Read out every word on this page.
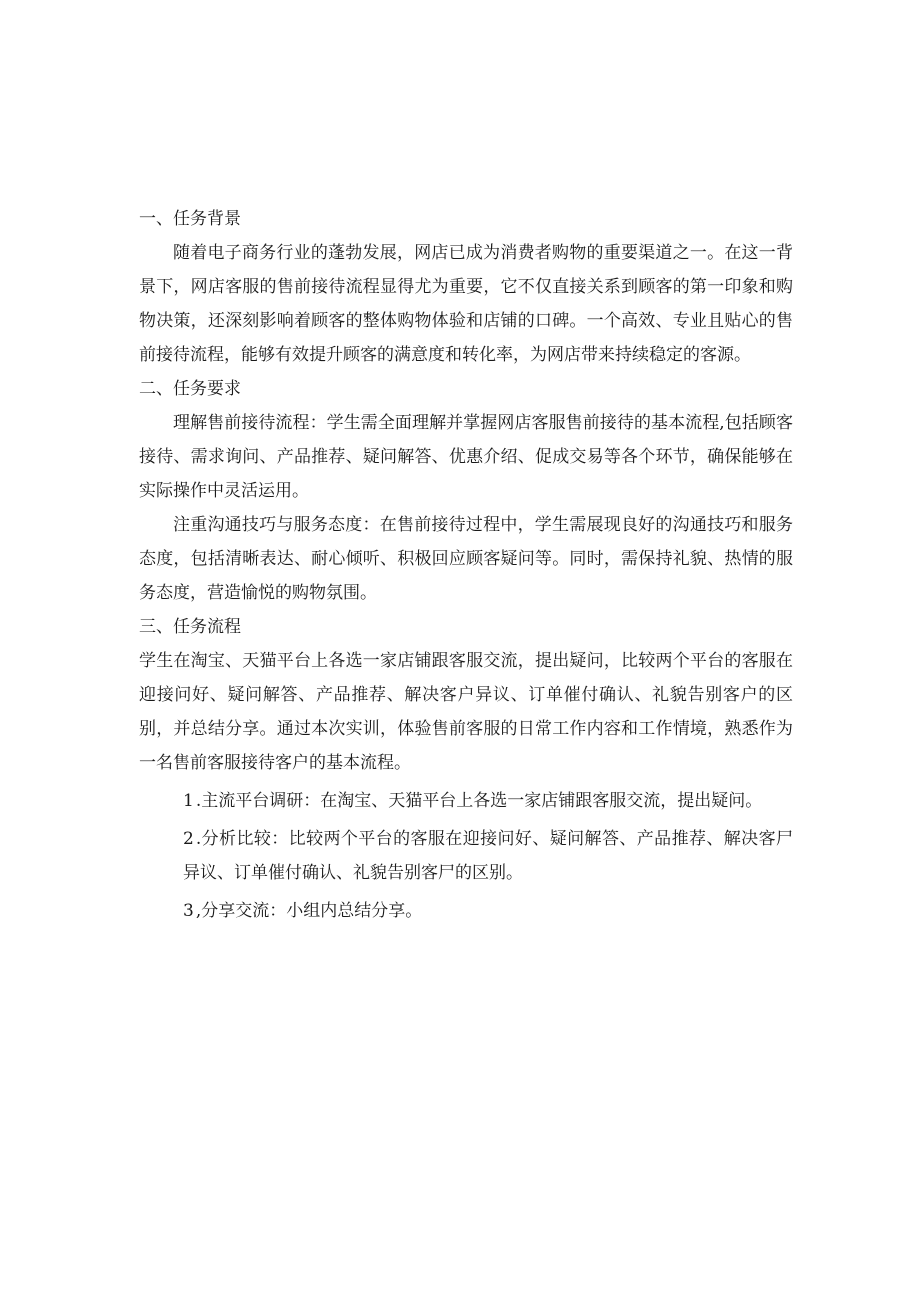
一、任务背景

随着电子商务行业的蓬勃发展，网店已成为消费者购物的重要渠道之一。在这一背景下，网店客服的售前接待流程显得尤为重要，它不仅直接关系到顾客的第一印象和购物决策，还深刻影响着顾客的整体购物体验和店铺的口碑。一个高效、专业且贴心的售前接待流程，能够有效提升顾客的满意度和转化率，为网店带来持续稳定的客源。

二、任务要求

理解售前接待流程：学生需全面理解并掌握网店客服售前接待的基本流程,包括顾客接待、需求询问、产品推荐、疑问解答、优惠介绍、促成交易等各个环节，确保能够在实际操作中灵活运用。

注重沟通技巧与服务态度：在售前接待过程中，学生需展现良好的沟通技巧和服务态度，包括清晰表达、耐心倾听、积极回应顾客疑问等。同时，需保持礼貌、热情的服务态度，营造愉悦的购物氛围。

三、任务流程

学生在淘宝、天猫平台上各选一家店铺跟客服交流，提出疑问，比较两个平台的客服在迎接问好、疑问解答、产品推荐、解决客户异议、订单催付确认、礼貌告别客户的区别，并总结分享。通过本次实训，体验售前客服的日常工作内容和工作情境，熟悉作为一名售前客服接待客户的基本流程。

1 .主流平台调研：在淘宝、天猫平台上各选一家店铺跟客服交流，提出疑问。

2 .分析比较：比较两个平台的客服在迎接问好、疑问解答、产品推荐、解决客尸异议、订单催付确认、礼貌告别客尸的区别。

3 ,分享交流：小组内总结分享。
